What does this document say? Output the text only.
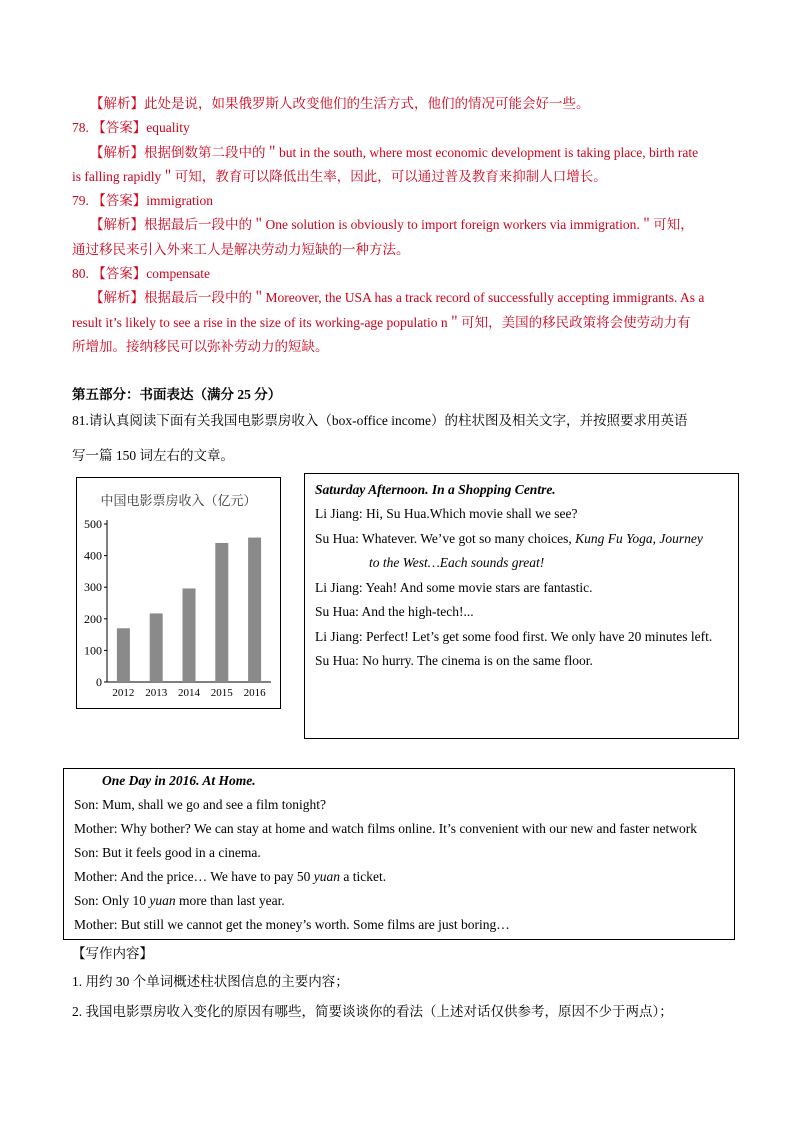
【解析】此处是说，如果俄罗斯人改变他们的生活方式，他们的情况可能会好一些。
78. 【答案】equality
【解析】根据倒数第二段中的＂but in the south, where most economic development is taking place, birth rate
is falling rapidly＂可知，教育可以降低出生率，因此，可以通过普及教育来抑制人口增长。
79. 【答案】immigration
【解析】根据最后一段中的＂One solution is obviously to import foreign workers via immigration.＂可知，
通过移民来引入外来工人是解决劳动力短缺的一种方法。
80. 【答案】compensate
【解析】根据最后一段中的＂Moreover, the USA has a track record of successfully accepting immigrants. As a
result it’s likely to see a rise in the size of its working-age populatio n＂可知，美国的移民政策将会使劳动力有
所增加。接纳移民可以弥补劳动力的短缺。
第五部分：书面表达（满分 25 分）
81.请认真阅读下面有关我国电影票房收入（box-office income）的柱状图及相关文字，并按照要求用英语
写一篇 150 词左右的文章。
中国电影票房收入（亿元）
0
100
200
300
400
500
2012 2013 2014 2015 2016
Saturday Afternoon. In a Shopping Centre.
Li Jiang: Hi, Su Hua.Which movie shall we see?
Su Hua: Whatever. We’ve got so many choices, Kung Fu Yoga, Journey
to the West…Each sounds great!
Li Jiang: Yeah! And some movie stars are fantastic.
Su Hua: And the high-tech!...
Li Jiang: Perfect! Let’s get some food first. We only have 20 minutes left.
Su Hua: No hurry. The cinema is on the same floor.
One Day in 2016. At Home.
Son: Mum, shall we go and see a film tonight?
Mother: Why bother? We can stay at home and watch films online. It’s convenient with our new and faster network
Son: But it feels good in a cinema.
Mother: And the price… We have to pay 50 yuan a ticket.
Son: Only 10 yuan more than last year.
Mother: But still we cannot get the money’s worth. Some films are just boring…
【写作内容】
1. 用约 30 个单词概述柱状图信息的主要内容；
2. 我国电影票房收入变化的原因有哪些，简要谈谈你的看法（上述对话仅供参考，原因不少于两点）；
